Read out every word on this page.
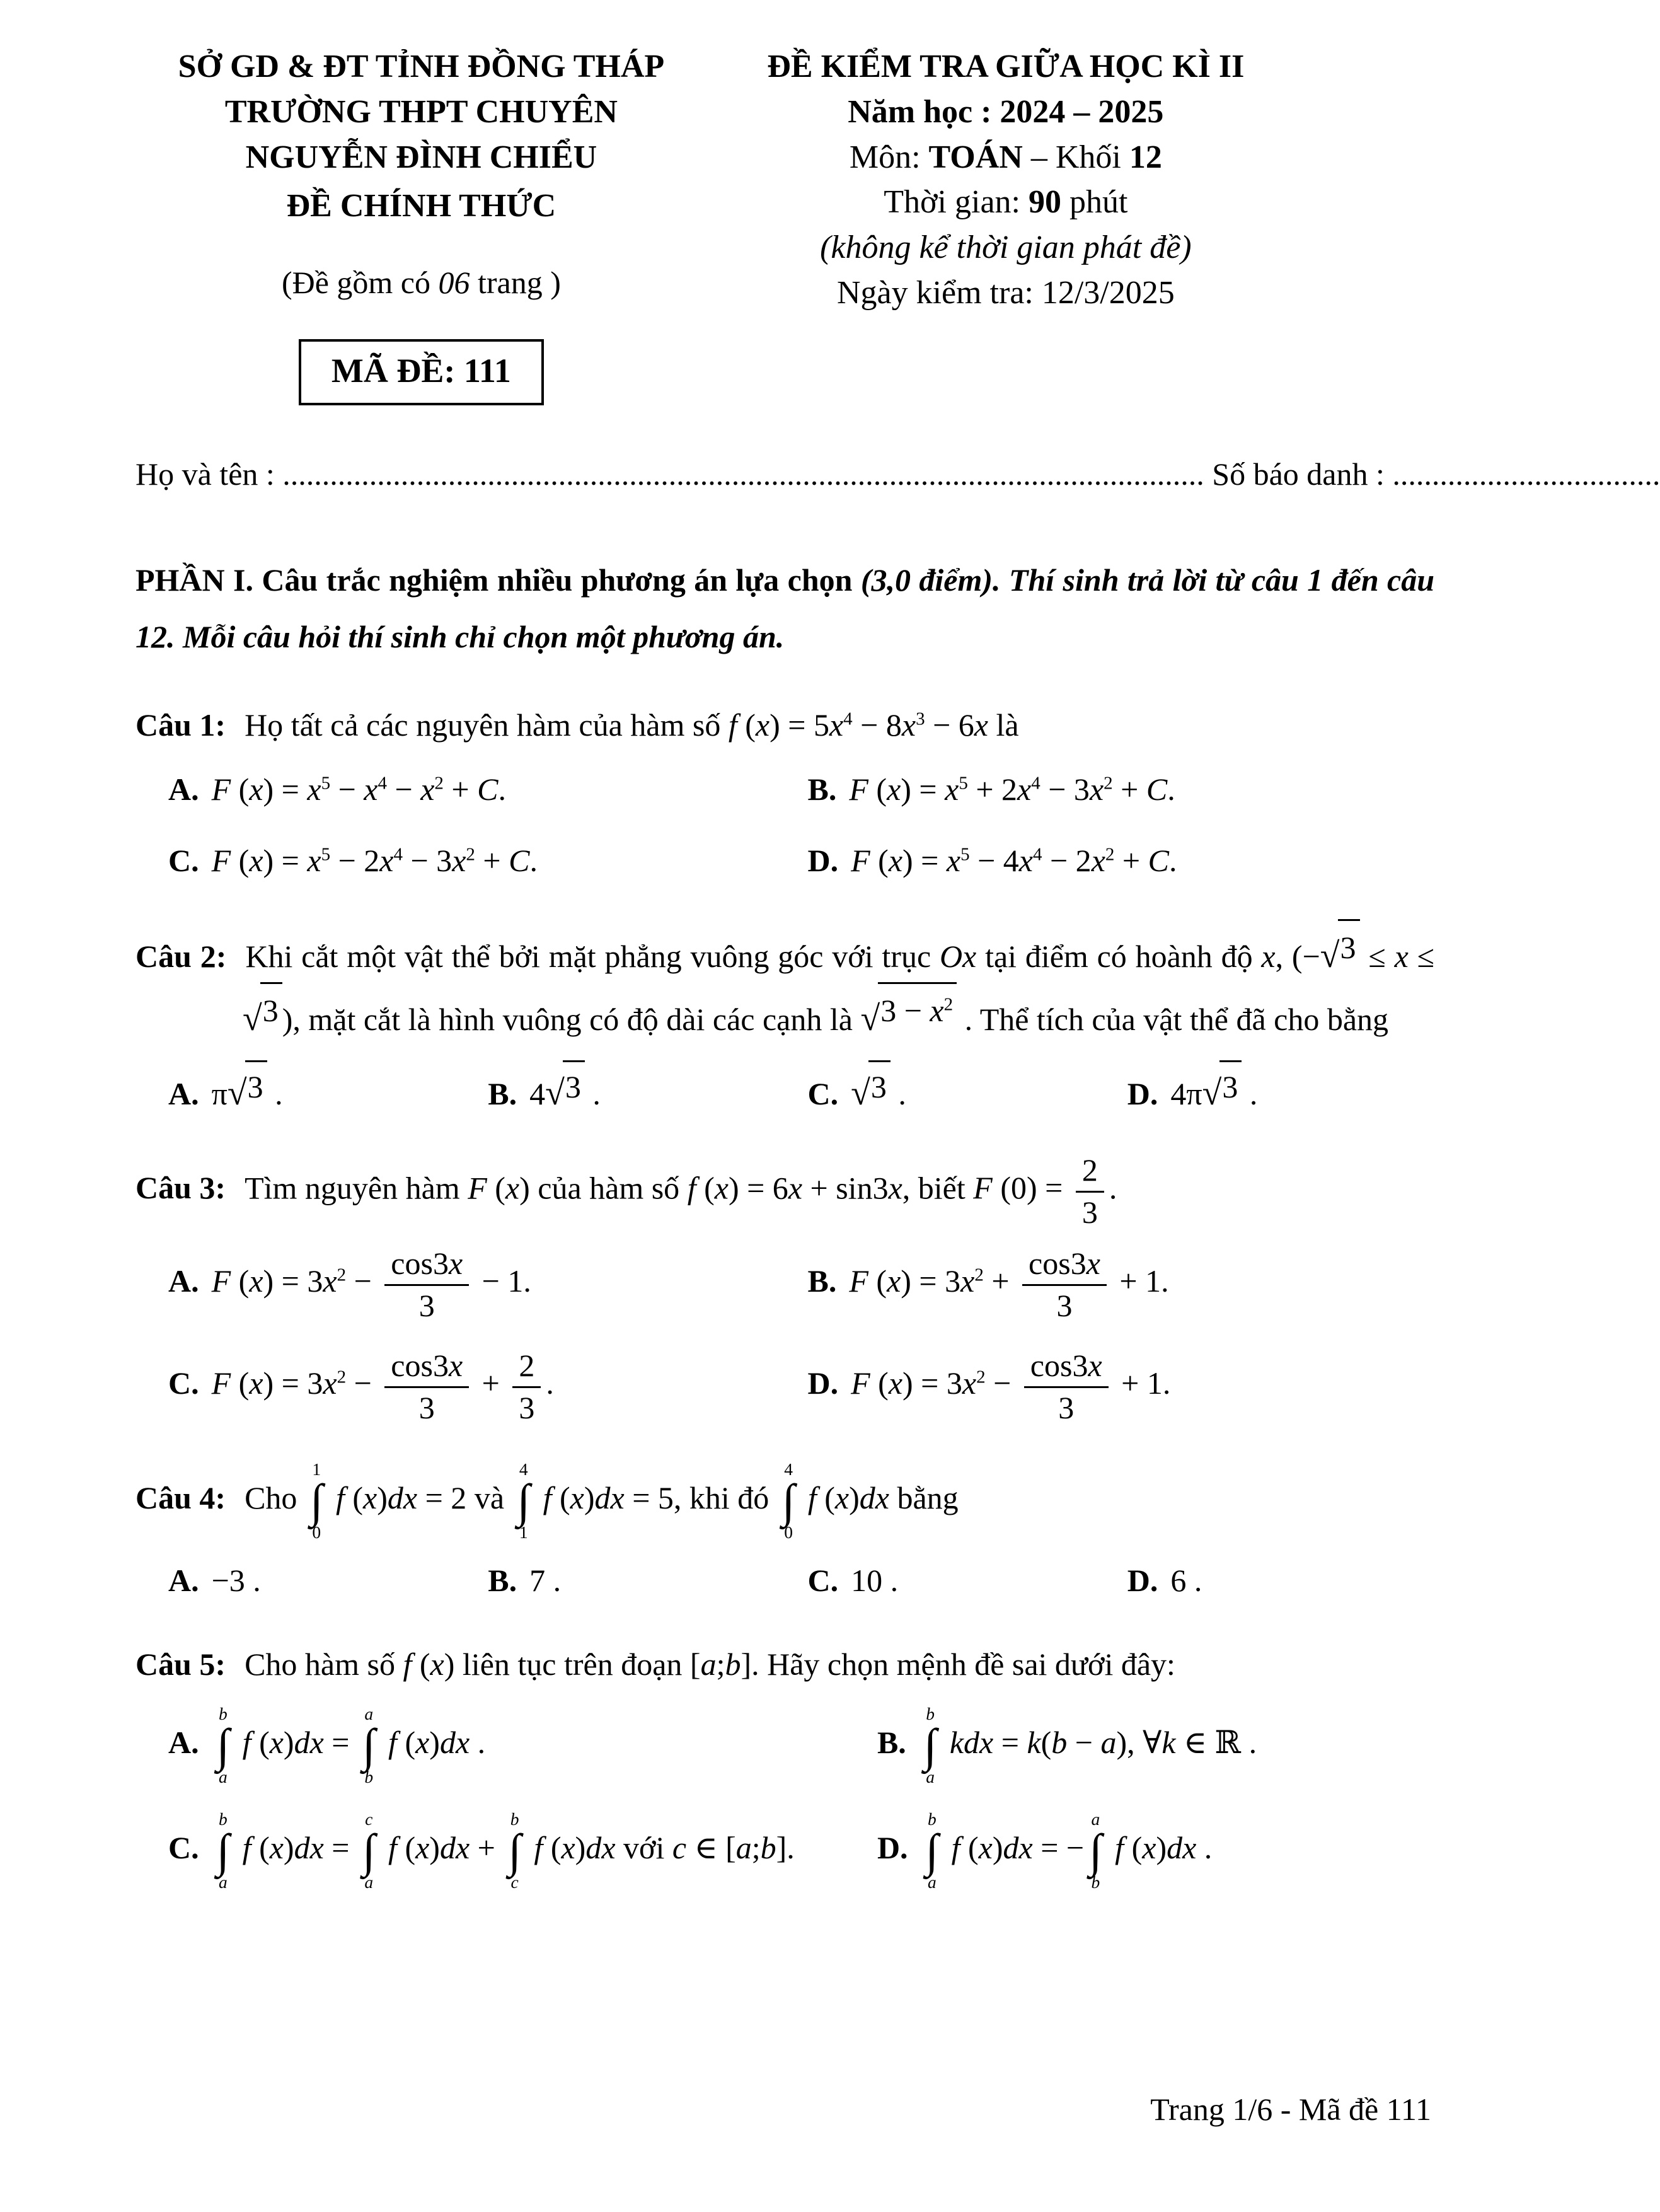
SỞ GD & ĐT TỈNH ĐỒNG THÁP
TRƯỜNG THPT CHUYÊN
NGUYỄN ĐÌNH CHIỂU
ĐỀ CHÍNH THỨC
(Đề gồm có 06 trang )
MÃ ĐỀ: 111
ĐỀ KIỂM TRA GIỮA HỌC KÌ II
Năm học : 2024 – 2025
Môn: TOÁN – Khối 12
Thời gian: 90 phút
(không kể thời gian phát đề)
Ngày kiểm tra: 12/3/2025
Họ và tên : ..................................................................................................................... Số báo danh : ..................................
PHẦN I. Câu trắc nghiệm nhiều phương án lựa chọn (3,0 điểm). Thí sinh trả lời từ câu 1 đến câu 12. Mỗi câu hỏi thí sinh chỉ chọn một phương án.
Câu 1: Họ tất cả các nguyên hàm của hàm số f $(x) = 5x^4 - 8x^3 - 6x$ là
A. F $(x) = x^5 - x^4 - x^2 + C$.	B. F $(x) = x^5 + 2x^4 - 3x^2 + C$.
C. F $(x) = x^5 - 2x^4 - 3x^2 + C$.	D. F $(x) = x^5 - 4x^4 - 2x^2 + C$.
Câu 2: Khi cắt một vật thể bởi mặt phẳng vuông góc với trục Ox tại điểm có hoành độ x, (− √ 3 ≤ x ≤
√ 3 ), mặt cắt là hình vuông có độ dài các cạnh là √ $3 - x^2$ . Thể tích của vật thể đã cho bằng
A. π √ 3 .	B. 4 √ 3 .	C. √ 3 .	D. 4π √ 3 .
Câu 3: Tìm nguyên hàm F (x) của hàm số f (x) = 6x + sin3x, biết F $(0) = \frac{2}{3}$ .
A. F $(x) = 3x^2 - \frac{\cos 3x}{3} - 1$.	B. F $(x) = 3x^2 + \frac{\cos 3x}{3} + 1$.
C. F $(x) = 3x^2 - \frac{\cos 3x}{3} + \frac{2}{3}$ .	D. F $(x) = 3x^2 - \frac{\cos 3x}{3} + 1$.
Câu 4: Cho
1
∫
0
f (x)dx = 2 và
4
∫
1
f (x)dx = 5, khi đó
4
∫
0
f (x)dx bằng
A. −3 .	B. 7 .	C. 10 .	D. 6 .
Câu 5: Cho hàm số f (x) liên tục trên đoạn [a;b]. Hãy chọn mệnh đề sai dưới đây:
A.
b
∫
a
f (x)dx =
a
∫
b
f (x)dx .	B.
b
∫
a
kdx = k(b − a), ∀k ∈ ℝ .
C.
b
∫
a
f (x)dx =
c
∫
a
f (x)dx +
b
∫
c
f (x)dx với c ∈ [a;b].	D.
b
∫
a
f (x)dx = −
a
∫
b
f (x)dx .
Trang 1/6 - Mã đề 111
